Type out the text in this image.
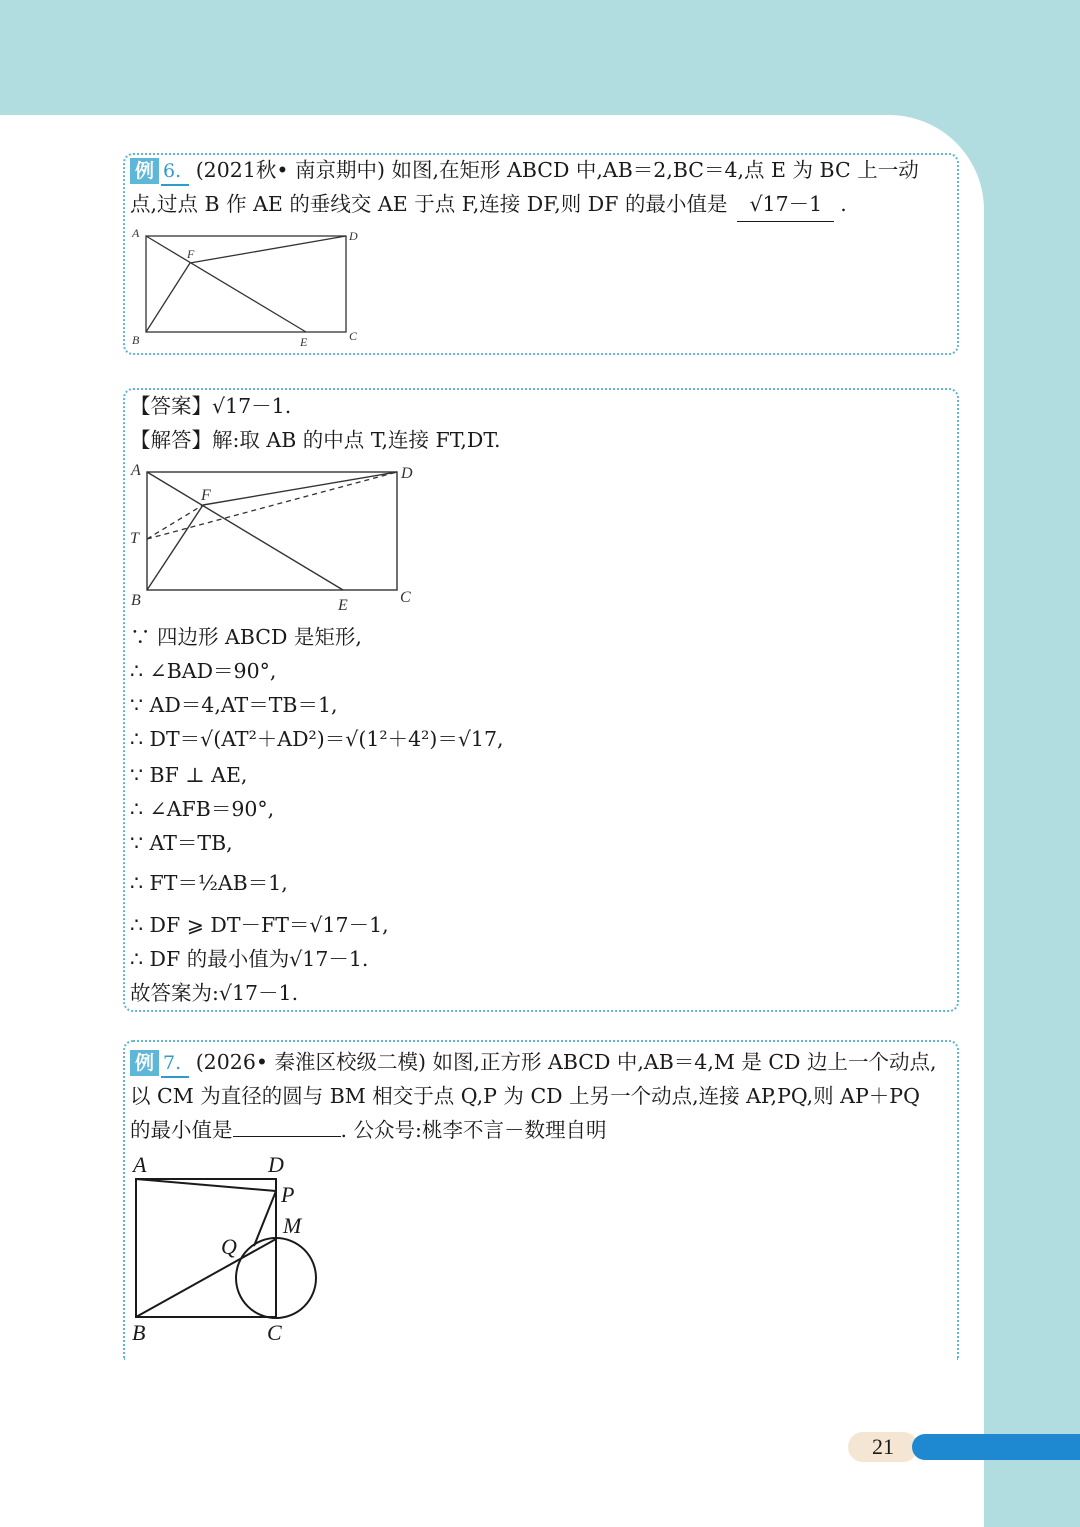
例 6. (2021秋• 南京期中) 如图,在矩形 ABCD 中,AB＝2,BC＝4,点 E 为 BC 上一动
点,过点 B 作 AE 的垂线交 AE 于点 F,连接 DF,则 DF 的最小值是 √17－1 .
A	D
F
B	E	C
【答案】√17－1.
【解答】解:取 AB 的中点 T,连接 FT,DT.
A	D
F
T
B	E	C
∵ 四边形 ABCD 是矩形,
∴ ∠BAD＝90°,
∵ AD＝4,AT＝TB＝1,
∴ DT＝√(AT²＋AD²)＝√(1²＋4²)＝√17,
∵ BF ⊥ AE,
∴ ∠AFB＝90°,
∵ AT＝TB,
∴ FT＝½AB＝1,
∴ DF ⩾ DT－FT＝√17－1,
∴ DF 的最小值为√17－1.
故答案为:√17－1.
例 7. (2026• 秦淮区校级二模) 如图,正方形 ABCD 中,AB＝4,M 是 CD 边上一个动点,
以 CM 为直径的圆与 BM 相交于点 Q,P 为 CD 上另一个动点,连接 AP,PQ,则 AP＋PQ
的最小值是	. 公众号:桃李不言－数理自明
A	D
P
M
Q
B	C
21
